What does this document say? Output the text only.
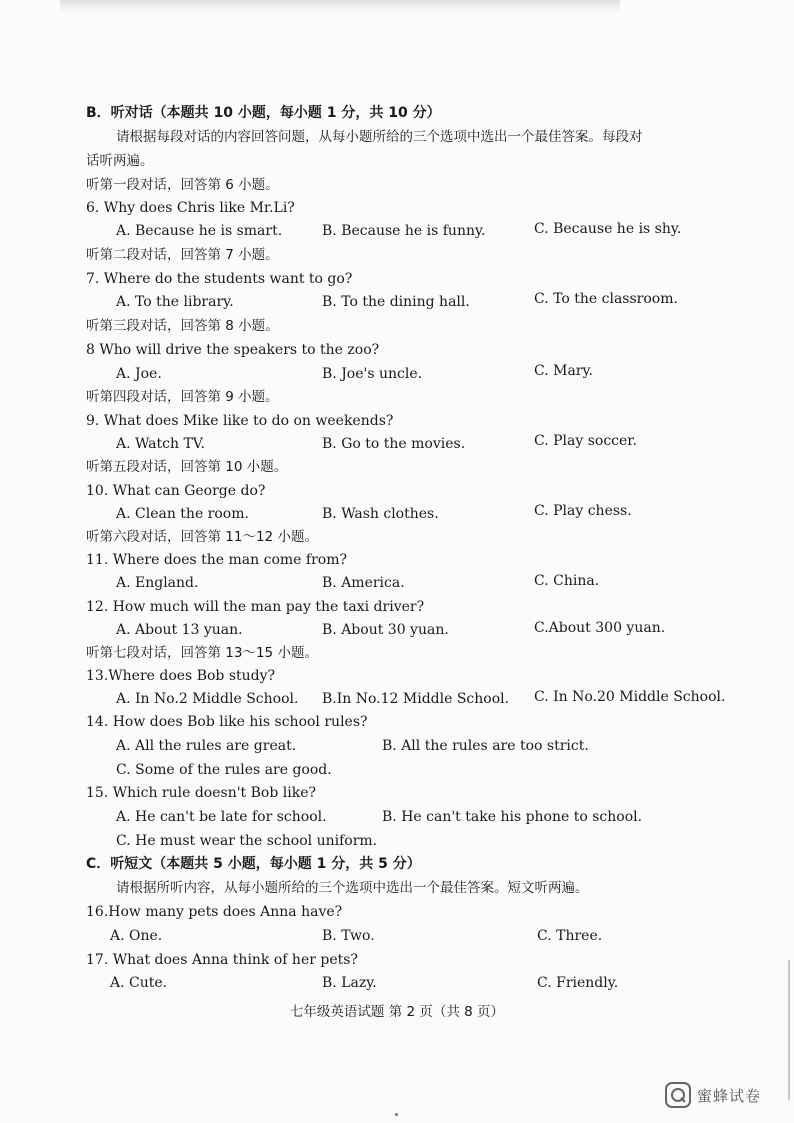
B．听对话（本题共 10 小题，每小题 1 分，共 10 分）
请根据每段对话的内容回答问题，从每小题所给的三个选项中选出一个最佳答案。每段对
话听两遍。
听第一段对话，回答第 6 小题。
6. Why does Chris like Mr.Li?
A. Because he is smart.	B. Because he is funny.	C. Because he is shy.
听第二段对话，回答第 7 小题。
7. Where do the students want to go?
A. To the library.	B. To the dining hall.	C. To the classroom.
听第三段对话，回答第 8 小题。
8 Who will drive the speakers to the zoo?
A. Joe.	B. Joe's uncle.	C. Mary.
听第四段对话，回答第 9 小题。
9. What does Mike like to do on weekends?
A. Watch TV.	B. Go to the movies.	C. Play soccer.
听第五段对话，回答第 10 小题。
10. What can George do?
A. Clean the room.	B. Wash clothes.	C. Play chess.
听第六段对话，回答第 11～12 小题。
11. Where does the man come from?
A. England.	B. America.	C. China.
12. How much will the man pay the taxi driver?
A. About 13 yuan.	B. About 30 yuan.	C.About 300 yuan.
听第七段对话，回答第 13～15 小题。
13.Where does Bob study?
A. In No.2 Middle School. B.In No.12 Middle School. C. In No.20 Middle School.
14. How does Bob like his school rules?
A. All the rules are great.	B. All the rules are too strict.
C. Some of the rules are good.
15. Which rule doesn't Bob like?
A. He can't be late for school.	B. He can't take his phone to school.
C. He must wear the school uniform.
C．听短文（本题共 5 小题，每小题 1 分，共 5 分）
请根据所听内容，从每小题所给的三个选项中选出一个最佳答案。短文听两遍。
16.How many pets does Anna have?
A. One.	B. Two.	C. Three.
17. What does Anna think of her pets?
A. Cute.	B. Lazy.	C. Friendly.
七年级英语试题 第 2 页（共 8 页）
蜜蜂试卷
